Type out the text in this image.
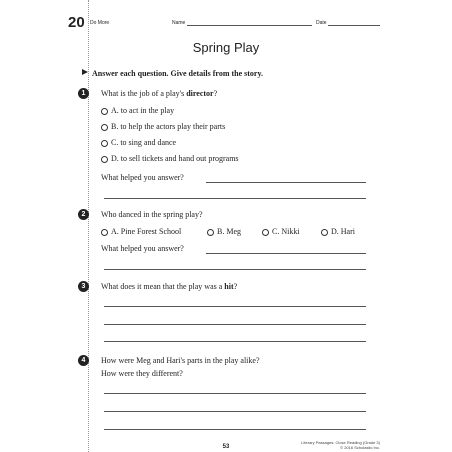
20 Do More	Name	Date
Spring Play
Answer each question. Give details from the story.
1	What is the job of a play's director?
A. to act in the play
B. to help the actors play their parts
C. to sing and dance
D. to sell tickets and hand out programs
What helped you answer?
2	Who danced in the spring play?
A. Pine Forest School	B. Meg	C. Nikki	D. Hari
What helped you answer?
3	What does it mean that the play was a hit?
4	How were Meg and Hari's parts in the play alike?
How were they different?
53
Literary Passages: Close Reading (Grade 3)
© 2016 Scholastic Inc.
